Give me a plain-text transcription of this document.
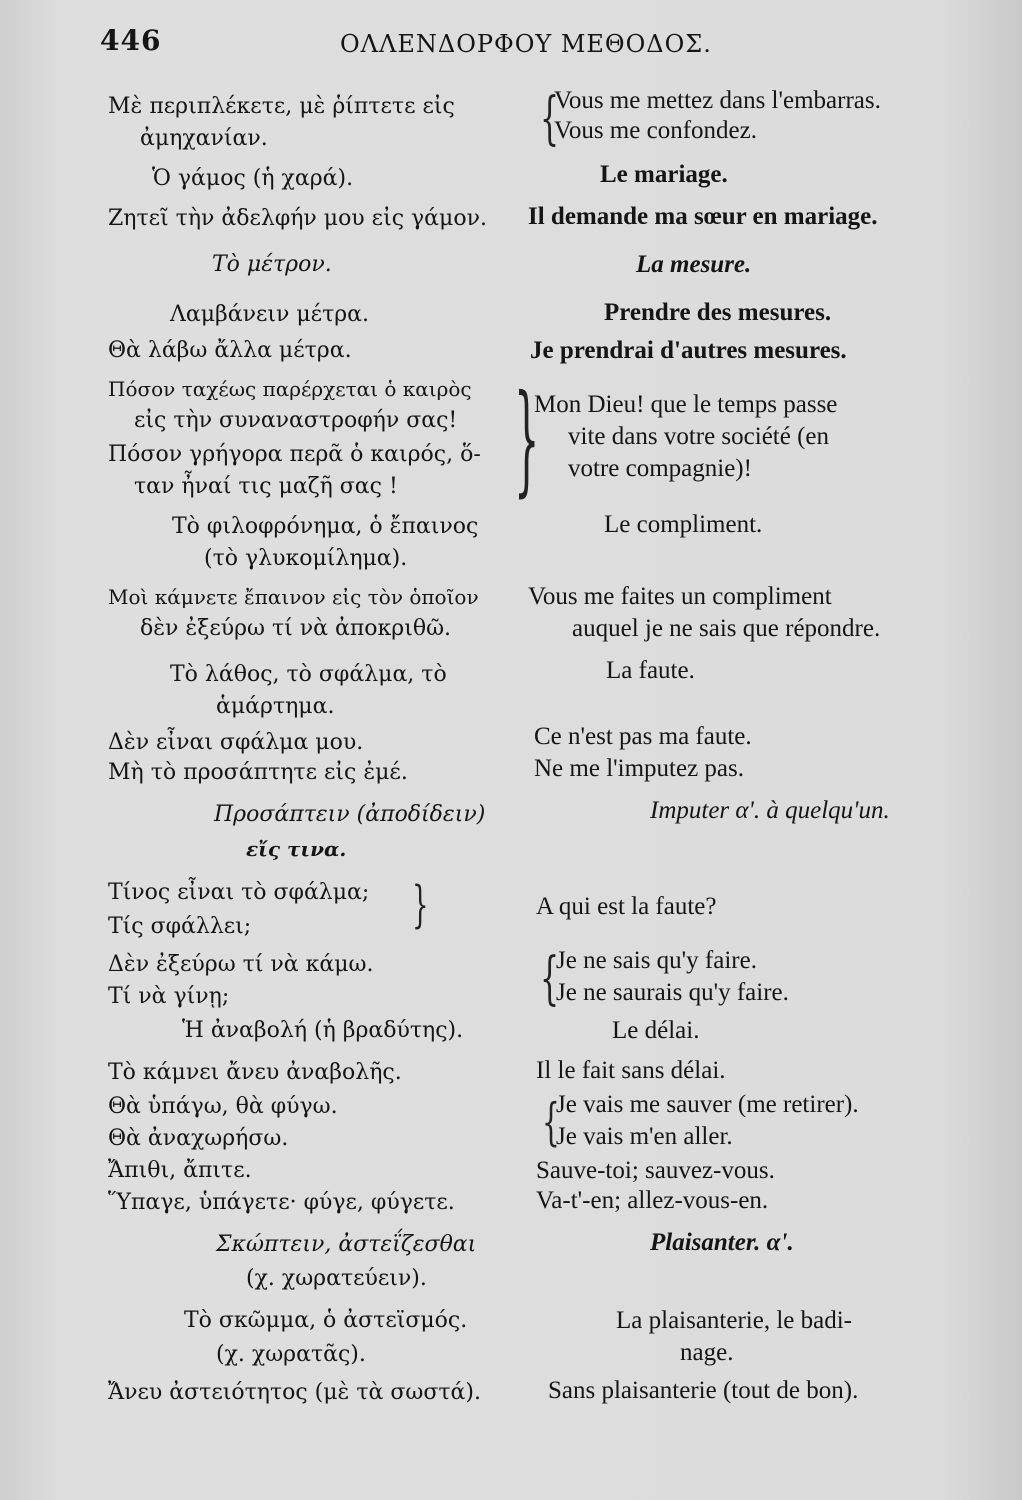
446	ΟΛΛΕΝΔΟΡΦΟΥ ΜΕΘΟΔΟΣ.
Μὲ περιπλέκετε, μὲ ῥίπτετε εἰς
ἀμηχανίαν.
Ὁ γάμος (ἡ χαρά).
Ζητεῖ τὴν ἀδελφήν μου εἰς γάμον.
Τὸ μέτρον.
Λαμβάνειν μέτρα.
Θὰ λάβω ἄλλα μέτρα.
Πόσον ταχέως παρέρχεται ὁ καιρὸς
εἰς τὴν συναναστροφήν σας!
Πόσον γρήγορα περᾶ ὁ καιρός, ὅ-
ταν ἦναί τις μαζῆ σας !
Τὸ φιλοφρόνημα, ὁ ἔπαινος
(τὸ γλυκομίλημα).
Μοὶ κάμνετε ἔπαινον εἰς τὸν ὁποῖον
δὲν ἐξεύρω τί νὰ ἀποκριθῶ.
Τὸ λάθος, τὸ σφάλμα, τὸ
ἁμάρτημα.
Δὲν εἶναι σφάλμα μου.
Μὴ τὸ προσάπτητε εἰς ἐμέ.
Προσάπτειν (ἀποδίδειν)
εἴς τινα.
Τίνος εἶναι τὸ σφάλμα;
Τίς σφάλλει;
Δὲν ἐξεύρω τί νὰ κάμω.
Τί νὰ γίνῃ;
Ἡ ἀναβολή (ἡ βραδύτης).
Τὸ κάμνει ἄνευ ἀναβολῆς.
Θὰ ὑπάγω, θὰ φύγω.
Θὰ ἀναχωρήσω.
Ἄπιθι, ἄπιτε.
Ὕπαγε, ὑπάγετε· φύγε, φύγετε.
Σκώπτειν, ἀστεΐζεσθαι
(χ. χωρατεύειν).
Τὸ σκῶμμα, ὁ ἀστεϊσμός.
(χ. χωρατᾶς).
Ἄνευ ἀστειότητος (μὲ τὰ σωστά).
{
}
}
{
{
Vous me mettez dans l'embarras.
Vous me confondez.
Le mariage.
Il demande ma sœur en mariage.
La mesure.
Prendre des mesures.
Je prendrai d'autres mesures.
Mon Dieu! que le temps passe
vite dans votre société (en
votre compagnie)!
Le compliment.
Vous me faites un compliment
auquel je ne sais que répondre.
La faute.
Ce n'est pas ma faute.
Ne me l'imputez pas.
Imputer α'. à quelqu'un.
A qui est la faute?
Je ne sais qu'y faire.
Je ne saurais qu'y faire.
Le délai.
Il le fait sans délai.
Je vais me sauver (me retirer).
Je vais m'en aller.
Sauve-toi; sauvez-vous.
Va-t'-en; allez-vous-en.
Plaisanter. α'.
La plaisanterie, le badi-
nage.
Sans plaisanterie (tout de bon).
